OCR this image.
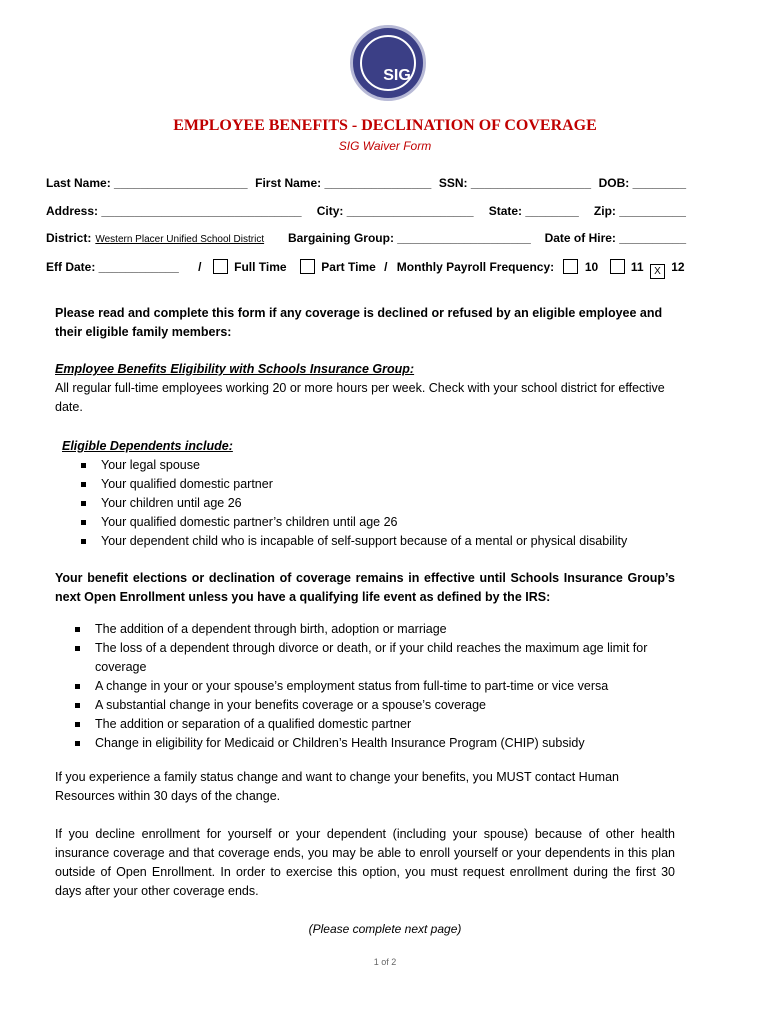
SIG
EMPLOYEE BENEFITS - DECLINATION OF COVERAGE
SIG Waiver Form
Last Name: ____________________ First Name: ________________ SSN: __________________ DOB: ________
Address: ______________________________ City: ___________________ State: ________ Zip: __________
District: Western Placer Unified School District	Bargaining Group: ____________________ Date of Hire: __________
Eff Date: ____________ /	Full Time	Part Time / Monthly Payroll Frequency:	10	11 X 12
Please read and complete this form if any coverage is declined or refused by an eligible employee and their eligible family members:
Employee Benefits Eligibility with Schools Insurance Group:
All regular full-time employees working 20 or more hours per week. Check with your school district for effective date.
Eligible Dependents include:
Your legal spouse
Your qualified domestic partner
Your children until age 26
Your qualified domestic partner’s children until age 26
Your dependent child who is incapable of self-support because of a mental or physical disability
Your benefit elections or declination of coverage remains in effective until Schools Insurance Group’s next Open Enrollment unless you have a qualifying life event as defined by the IRS:
The addition of a dependent through birth, adoption or marriage
The loss of a dependent through divorce or death, or if your child reaches the maximum age limit for coverage
A change in your or your spouse’s employment status from full-time to part-time or vice versa
A substantial change in your benefits coverage or a spouse’s coverage
The addition or separation of a qualified domestic partner
Change in eligibility for Medicaid or Children’s Health Insurance Program (CHIP) subsidy
If you experience a family status change and want to change your benefits, you MUST contact Human Resources within 30 days of the change.
If you decline enrollment for yourself or your dependent (including your spouse) because of other health insurance coverage and that coverage ends, you may be able to enroll yourself or your dependents in this plan outside of Open Enrollment. In order to exercise this option, you must request enrollment during the first 30 days after your other coverage ends.
(Please complete next page)
1 of 2
